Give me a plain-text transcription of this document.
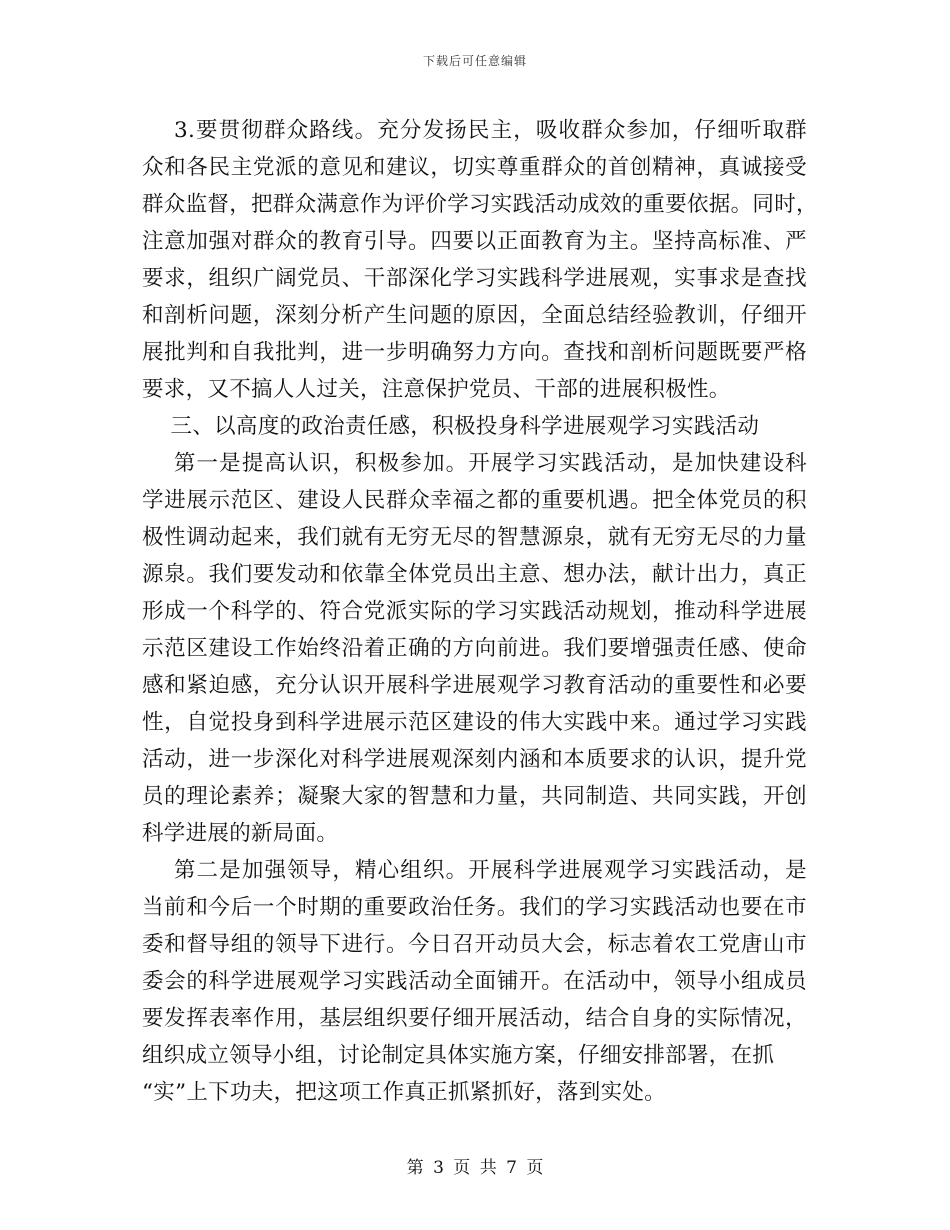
下载后可任意编辑
3.要贯彻群众路线。充分发扬民主，吸收群众参加，仔细听取群
众和各民主党派的意见和建议，切实尊重群众的首创精神，真诚接受
群众监督，把群众满意作为评价学习实践活动成效的重要依据。同时，
注意加强对群众的教育引导。四要以正面教育为主。坚持高标准、严
要求，组织广阔党员、干部深化学习实践科学进展观，实事求是查找
和剖析问题，深刻分析产生问题的原因，全面总结经验教训，仔细开
展批判和自我批判，进一步明确努力方向。查找和剖析问题既要严格
要求，又不搞人人过关，注意保护党员、干部的进展积极性。
三、以高度的政治责任感，积极投身科学进展观学习实践活动
第一是提高认识，积极参加。开展学习实践活动，是加快建设科
学进展示范区、建设人民群众幸福之都的重要机遇。把全体党员的积
极性调动起来，我们就有无穷无尽的智慧源泉，就有无穷无尽的力量
源泉。我们要发动和依靠全体党员出主意、想办法，献计出力，真正
形成一个科学的、符合党派实际的学习实践活动规划，推动科学进展
示范区建设工作始终沿着正确的方向前进。我们要增强责任感、使命
感和紧迫感，充分认识开展科学进展观学习教育活动的重要性和必要
性，自觉投身到科学进展示范区建设的伟大实践中来。通过学习实践
活动，进一步深化对科学进展观深刻内涵和本质要求的认识，提升党
员的理论素养；凝聚大家的智慧和力量，共同制造、共同实践，开创
科学进展的新局面。
第二是加强领导，精心组织。开展科学进展观学习实践活动，是
当前和今后一个时期的重要政治任务。我们的学习实践活动也要在市
委和督导组的领导下进行。今日召开动员大会，标志着农工党唐山市
委会的科学进展观学习实践活动全面铺开。在活动中，领导小组成员
要发挥表率作用，基层组织要仔细开展活动，结合自身的实际情况，
组织成立领导小组，讨论制定具体实施方案，仔细安排部署，在抓
“实”上下功夫，把这项工作真正抓紧抓好，落到实处。
第 3 页 共 7 页
